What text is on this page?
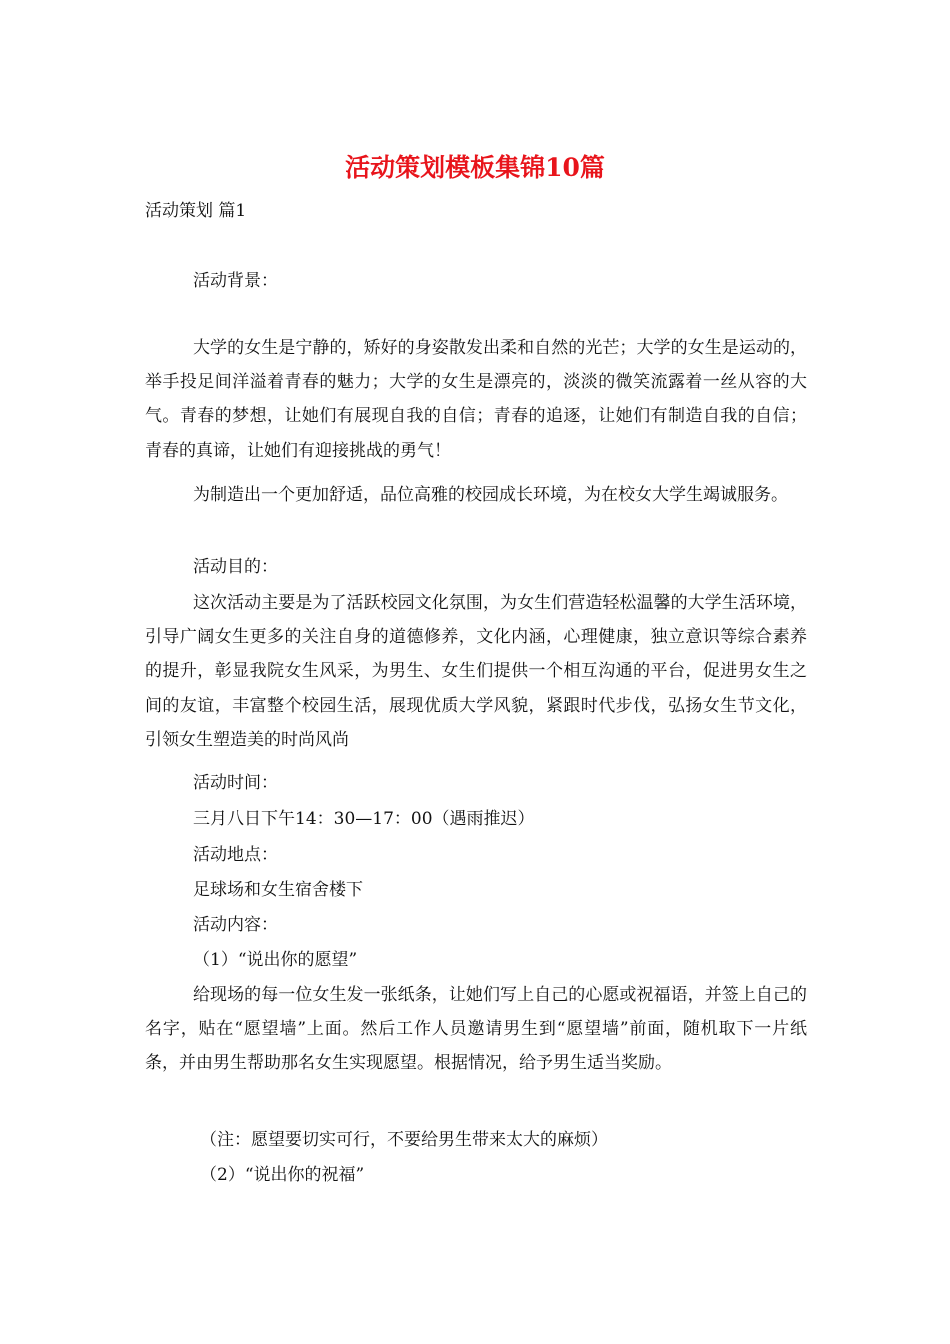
活动策划模板集锦10篇

活动策划 篇1

活动背景：

大学的女生是宁静的，矫好的身姿散发出柔和自然的光芒；大学的女生是运动的，举手投足间洋溢着青春的魅力；大学的女生是漂亮的，淡淡的微笑流露着一丝从容的大气。青春的梦想，让她们有展现自我的自信；青春的追逐，让她们有制造自我的自信；青春的真谛，让她们有迎接挑战的勇气！

为制造出一个更加舒适，品位高雅的校园成长环境，为在校女大学生竭诚服务。

活动目的：

这次活动主要是为了活跃校园文化氛围，为女生们营造轻松温馨的大学生活环境，引导广阔女生更多的关注自身的道德修养，文化内涵，心理健康，独立意识等综合素养的提升，彰显我院女生风采，为男生、女生们提供一个相互沟通的平台，促进男女生之间的友谊，丰富整个校园生活，展现优质大学风貌，紧跟时代步伐，弘扬女生节文化，引领女生塑造美的时尚风尚

活动时间：

三月八日下午14：30—17：00（遇雨推迟）

活动地点：

足球场和女生宿舍楼下

活动内容：

（1）“说出你的愿望”

给现场的每一位女生发一张纸条，让她们写上自己的心愿或祝福语，并签上自己的名字，贴在“愿望墙”上面。然后工作人员邀请男生到“愿望墙”前面，随机取下一片纸条，并由男生帮助那名女生实现愿望。根据情况，给予男生适当奖励。

（注：愿望要切实可行，不要给男生带来太大的麻烦）

（2）“说出你的祝福”
